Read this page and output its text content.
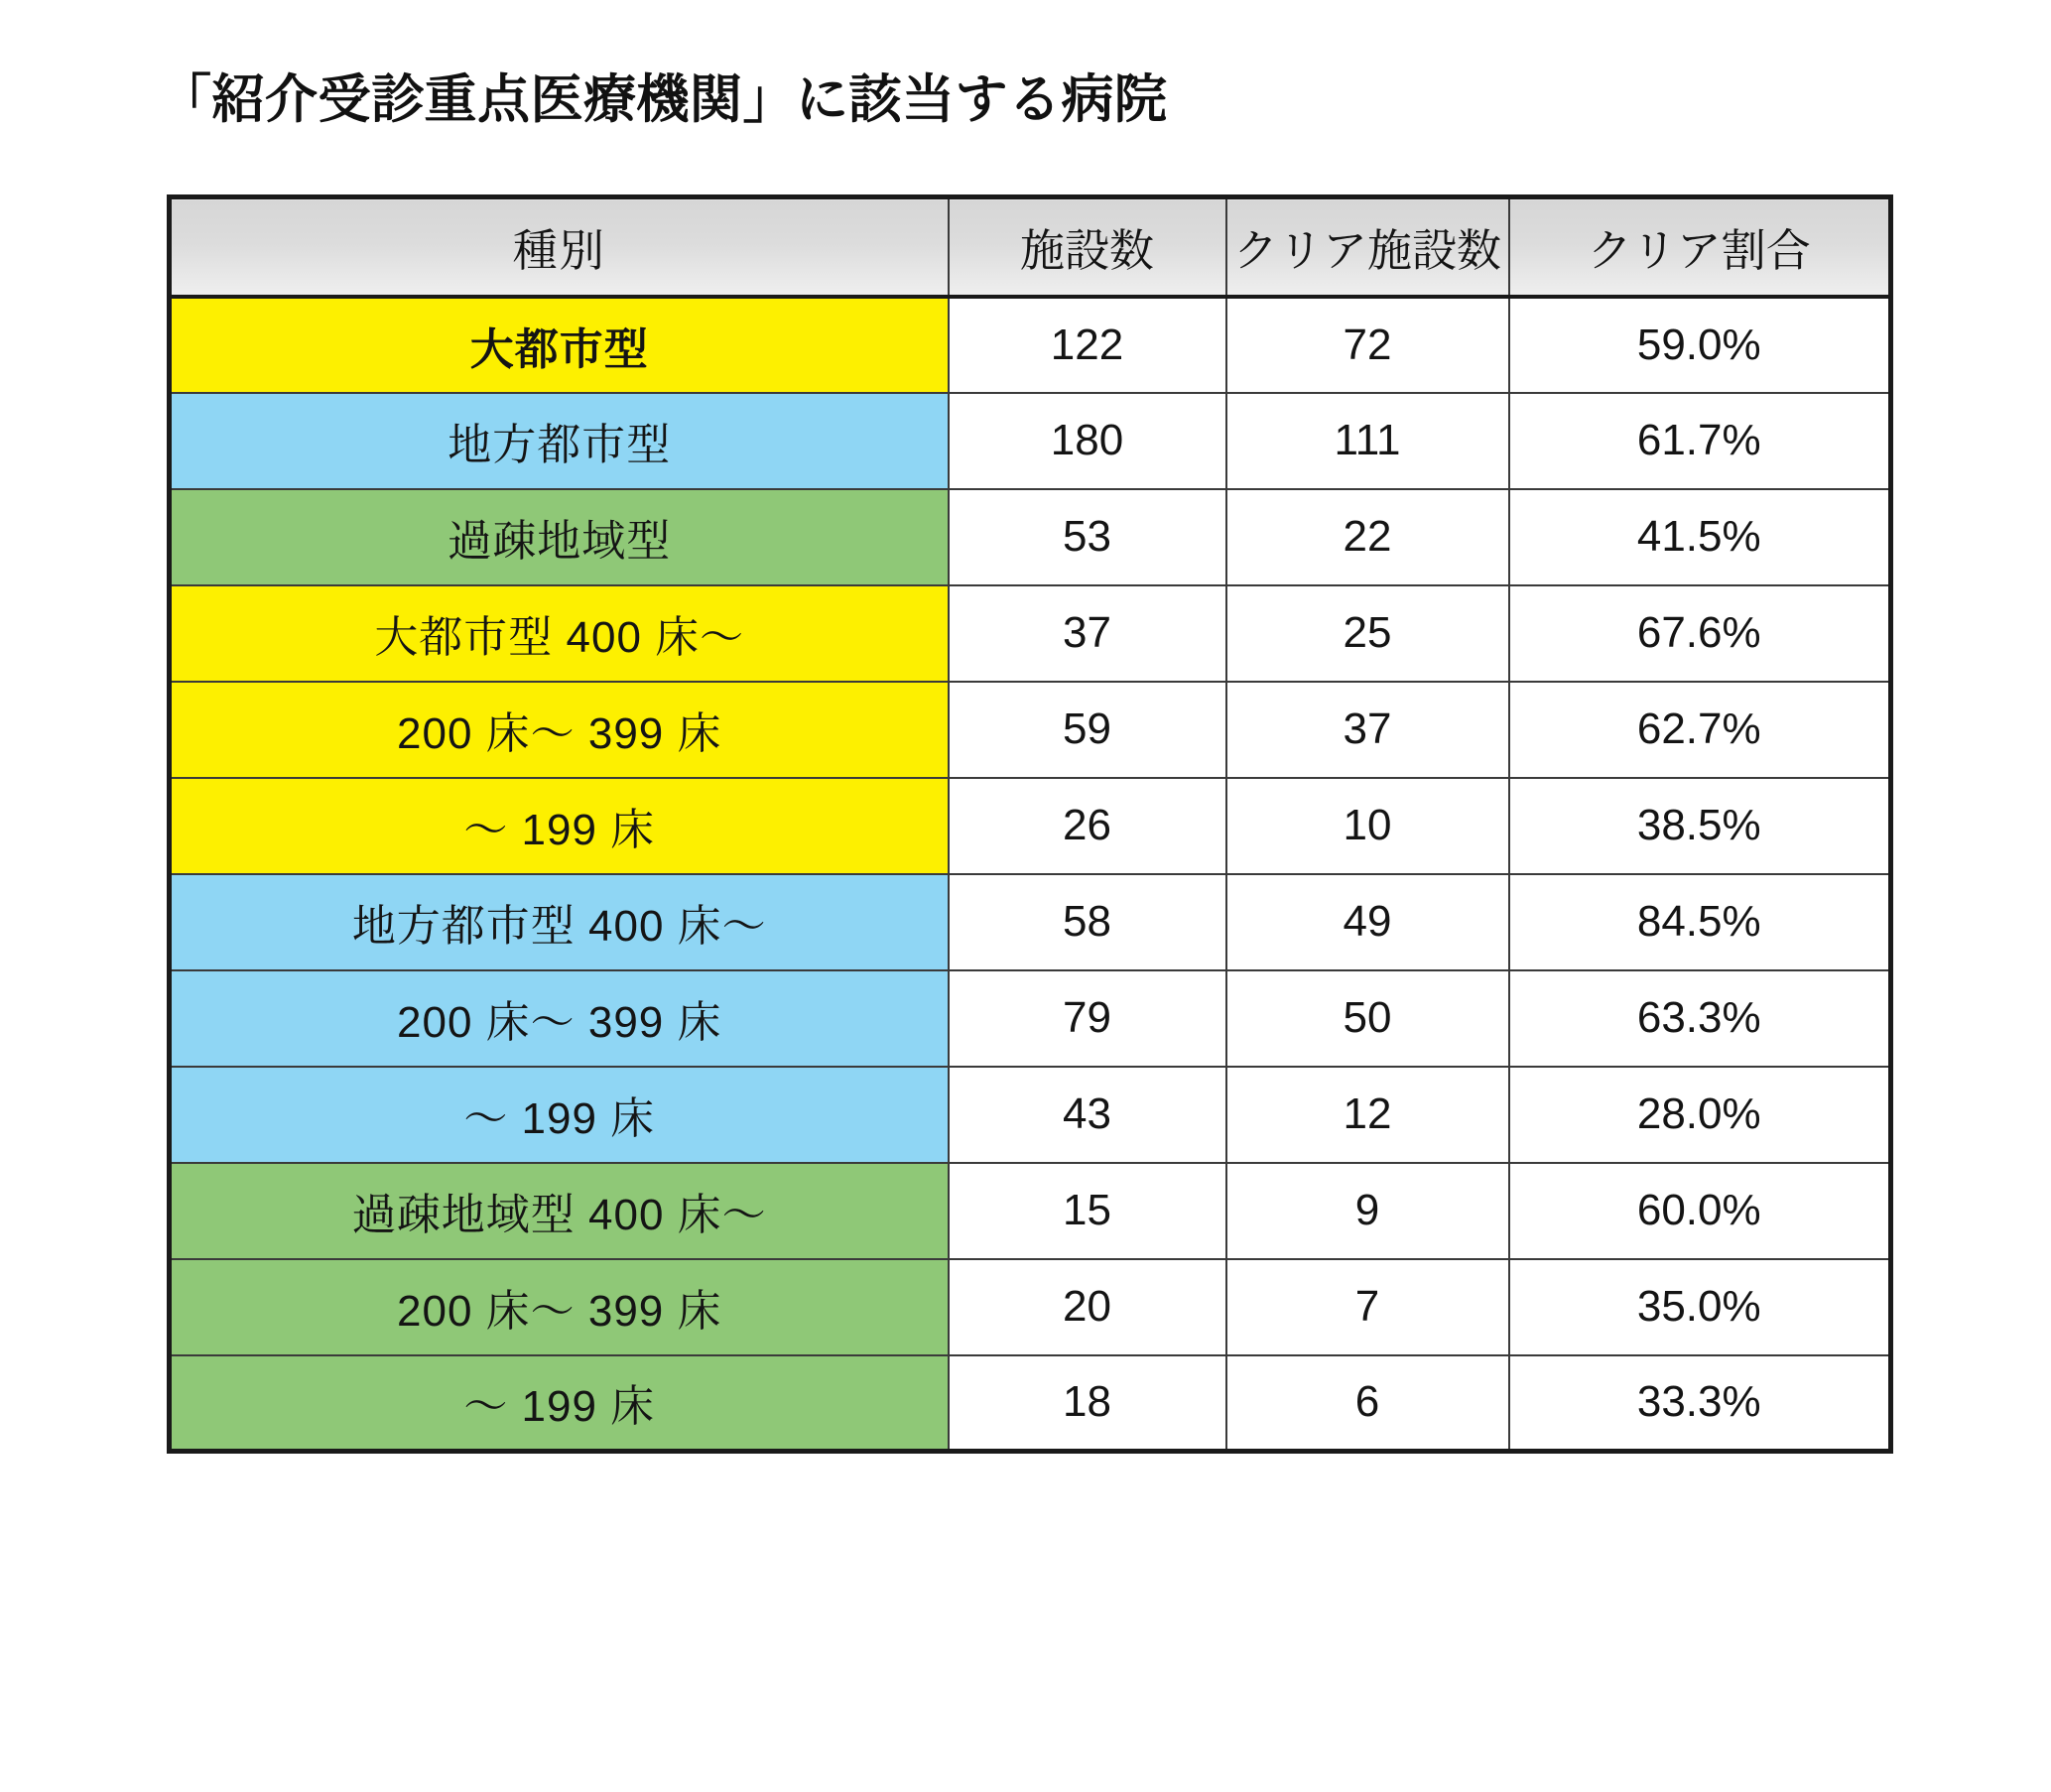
「紹介受診重点医療機関」に該当する病院
種別	施設数	クリア施設数	クリア割合
大都市型	122	72	59.0%
地方都市型	180	111	61.7%
過疎地域型	53	22	41.5%
大都市型 400 床〜	37	25	67.6%
200 床〜 399 床	59	37	62.7%
〜 199 床	26	10	38.5%
地方都市型 400 床〜	58	49	84.5%
200 床〜 399 床	79	50	63.3%
〜 199 床	43	12	28.0%
過疎地域型 400 床〜	15	9	60.0%
200 床〜 399 床	20	7	35.0%
〜 199 床	18	6	33.3%
